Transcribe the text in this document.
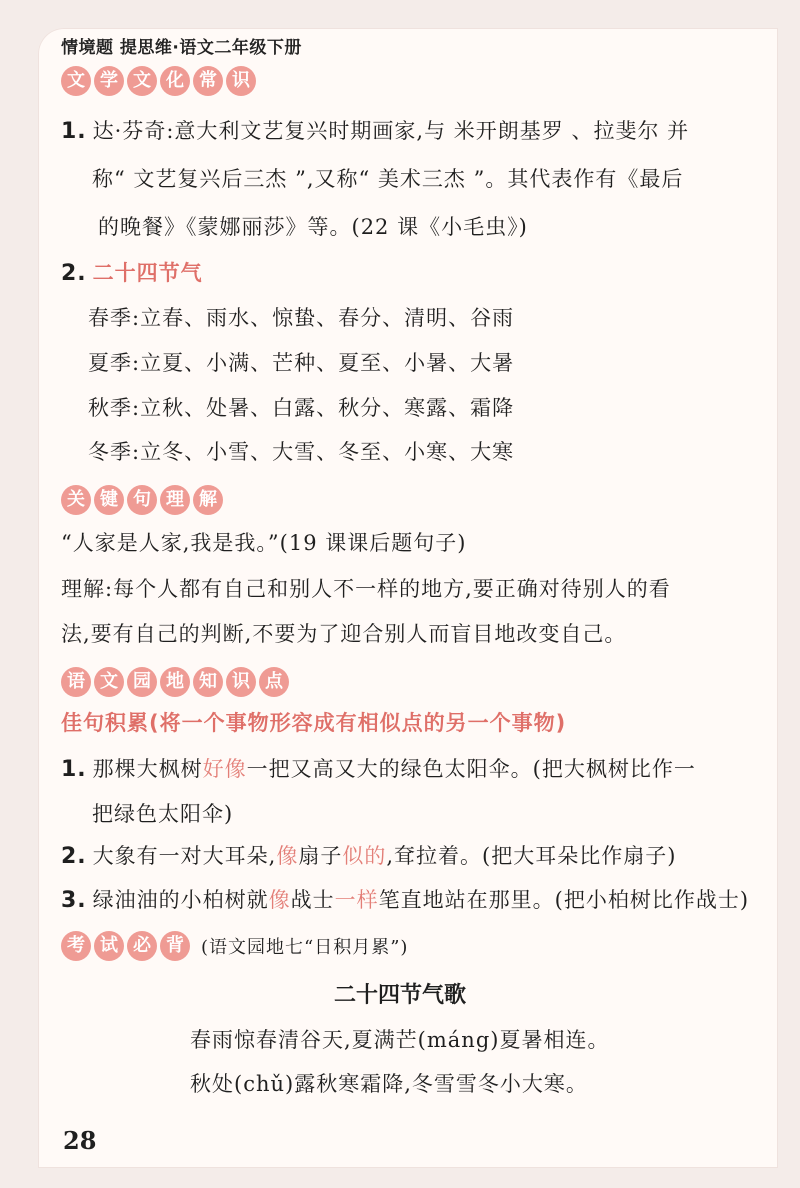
情境题 提思维·语文二年级下册
文 学 文 化 常 识
1. 达·芬奇:意大利文艺复兴时期画家,与 米开朗基罗 、拉斐尔 并
称“ 文艺复兴后三杰 ”,又称“ 美术三杰 ”。其代表作有《最后
的晚餐》《蒙娜丽莎》等。(22 课《小毛虫》)
2. 二十四节气
春季:立春、雨水、惊蛰、春分、清明、谷雨
夏季:立夏、小满、芒种、夏至、小暑、大暑
秋季:立秋、处暑、白露、秋分、寒露、霜降
冬季:立冬、小雪、大雪、冬至、小寒、大寒
关 键 句 理 解
“人家是人家,我是我。”(19 课课后题句子)
理解:每个人都有自己和别人不一样的地方,要正确对待别人的看
法,要有自己的判断,不要为了迎合别人而盲目地改变自己。
语 文 园 地 知 识 点
佳句积累(将一个事物形容成有相似点的另一个事物)
1. 那棵大枫树好像一把又高又大的绿色太阳伞。(把大枫树比作一
把绿色太阳伞)
2. 大象有一对大耳朵,像扇子似的,耷拉着。(把大耳朵比作扇子)
3. 绿油油的小柏树就像战士一样笔直地站在那里。(把小柏树比作战士)
考 试 必 背 (语文园地七“日积月累”)
二十四节气歌
春雨惊春清谷天,夏满芒(máng)夏暑相连。
秋处(chǔ)露秋寒霜降,冬雪雪冬小大寒。
28
